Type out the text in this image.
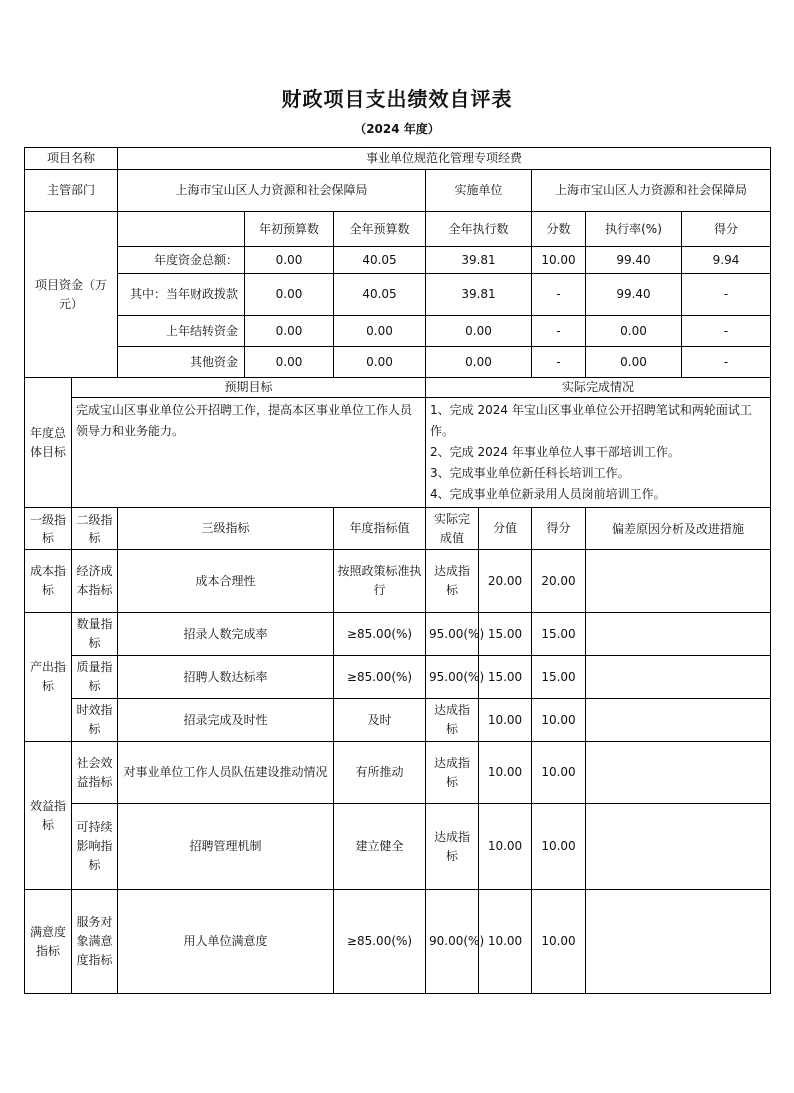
财政项目支出绩效自评表
（2024 年度）
项目名称		事业单位规范化管理专项经费							
主管部门		上海市宝山区人力资源和社会保障局			实施单位		上海市宝山区人力资源和社会保障局		
项目资金（万元）			年初预算数	全年预算数	全年执行数		分数	执行率(%)	得分
		年度资金总额：	0.00	40.05	39.81		10.00	99.40	9.94
		其中：当年财政拨款	0.00	40.05	39.81		-	99.40	-
		上年结转资金	0.00	0.00	0.00		-	0.00	-
		其他资金	0.00	0.00	0.00		-	0.00	-
年度总体目标	预期目标				实际完成情况				
	完成宝山区事业单位公开招聘工作，提高本区事业单位工作人员领导力和业务能力。				1、完成 2024 年宝山区事业单位公开招聘笔试和两轮面试工作。
2、完成 2024 年事业单位人事干部培训工作。
3、完成事业单位新任科长培训工作。
4、完成事业单位新录用人员岗前培训工作。				

一级指标	二级指标	三级指标		年度指标值	实际完成值	分值	得分	偏差原因分析及改进措施	
成本指标	经济成本指标	成本合理性		按照政策标准执行	达成指标	20.00	20.00		
产出指标	数量指标	招录人数完成率		≥85.00(%)	95.00(%)	15.00	15.00		
	质量指标	招聘人数达标率		≥85.00(%)	95.00(%)	15.00	15.00		
	时效指标	招录完成及时性		及时	达成指标	10.00	10.00		
效益指标	社会效益指标	对事业单位工作人员队伍建设推动情况		有所推动	达成指标	10.00	10.00		
	可持续影响指标	招聘管理机制		建立健全	达成指标	10.00	10.00		
满意度指标	服务对象满意度指标	用人单位满意度		≥85.00(%)	90.00(%)	10.00	10.00		
